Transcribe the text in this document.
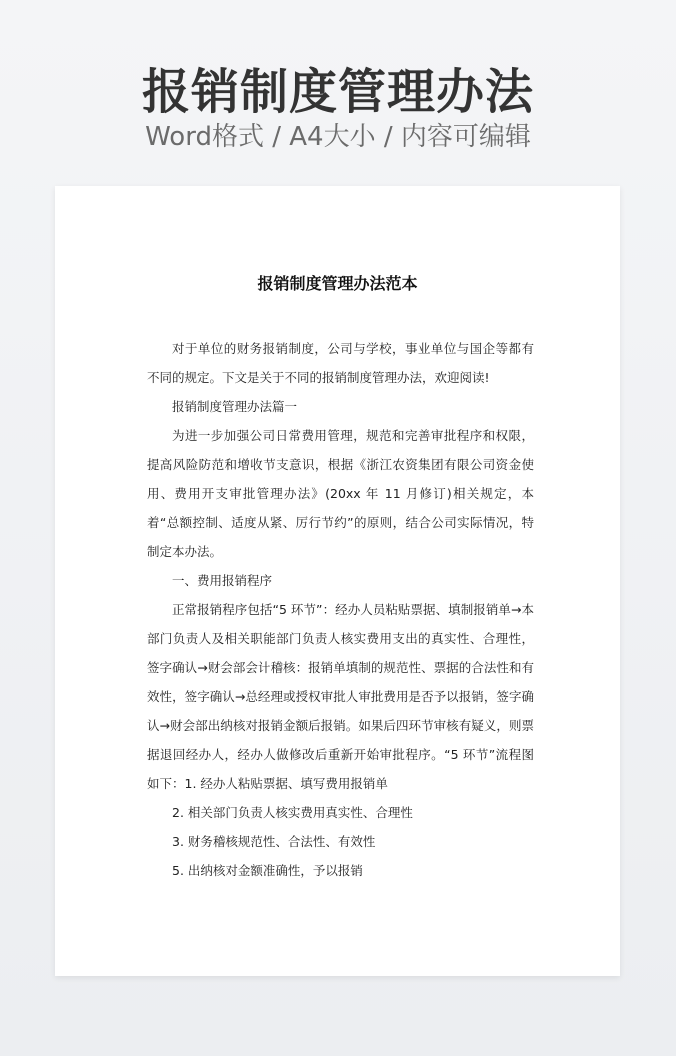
报销制度管理办法
Word格式 / A4大小 / 内容可编辑
报销制度管理办法范本

对于单位的财务报销制度，公司与学校，事业单位与国企等都有不同的规定。下文是关于不同的报销制度管理办法，欢迎阅读!

报销制度管理办法篇一

为进一步加强公司日常费用管理，规范和完善审批程序和权限，提高风险防范和增收节支意识，根据《浙江农资集团有限公司资金使用、费用开支审批管理办法》(20xx 年 11 月修订)相关规定，本着“总额控制、适度从紧、厉行节约”的原则，结合公司实际情况，特制定本办法。

一、费用报销程序

正常报销程序包括“5 环节”：经办人员粘贴票据、填制报销单→本部门负责人及相关职能部门负责人核实费用支出的真实性、合理性，签字确认→财会部会计稽核：报销单填制的规范性、票据的合法性和有效性，签字确认→总经理或授权审批人审批费用是否予以报销，签字确认→财会部出纳核对报销金额后报销。如果后四环节审核有疑义，则票据退回经办人，经办人做修改后重新开始审批程序。“5 环节”流程图如下：1. 经办人粘贴票据、填写费用报销单

2. 相关部门负责人核实费用真实性、合理性

3. 财务稽核规范性、合法性、有效性

5. 出纳核对金额准确性，予以报销
